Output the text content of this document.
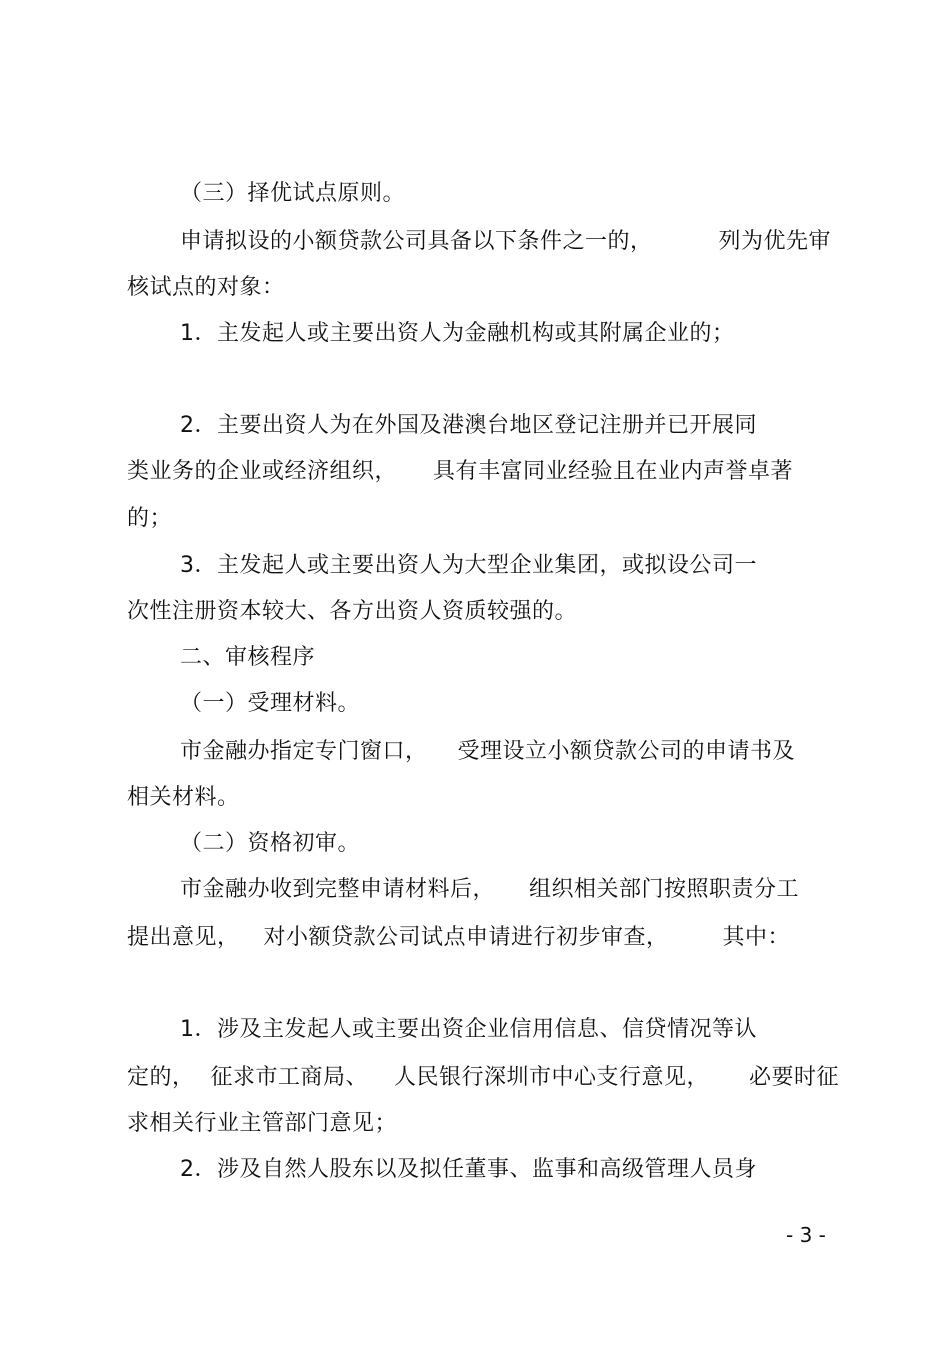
（三）择优试点原则。
申请拟设的小额贷款公司具备以下条件之一的，	列为优先审
核试点的对象：
1．主发起人或主要出资人为金融机构或其附属企业的；
2．主要出资人为在外国及港澳台地区登记注册并已开展同
类业务的企业或经济组织， 具有丰富同业经验且在业内声誉卓著
的；
3．主发起人或主要出资人为大型企业集团，或拟设公司一
次性注册资本较大、各方出资人资质较强的。
二、审核程序
（一）受理材料。
市金融办指定专门窗口， 受理设立小额贷款公司的申请书及
相关材料。
（二）资格初审。
市金融办收到完整申请材料后， 组织相关部门按照职责分工
提出意见， 对小额贷款公司试点申请进行初步审查， 其中：
1．涉及主发起人或主要出资企业信用信息、信贷情况等认
定的， 征求市工商局、 人民银行深圳市中心支行意见， 必要时征
求相关行业主管部门意见；
2．涉及自然人股东以及拟任董事、监事和高级管理人员身
- 3 -
